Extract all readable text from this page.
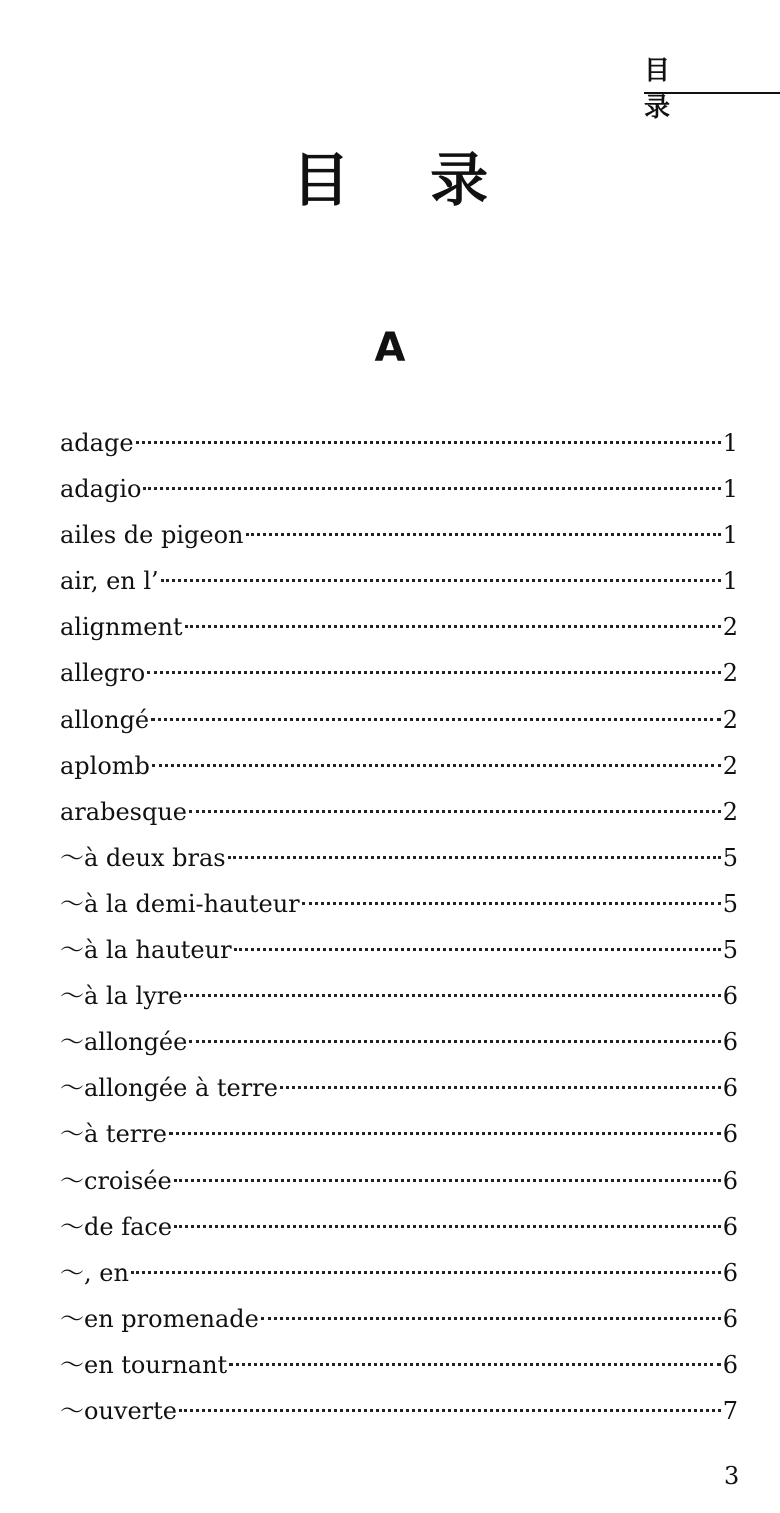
目 录
目 录
A
adage	1
adagio	1
ailes de pigeon	1
air, en l’	1
alignment	2
allegro	2
allongé	2
aplomb	2
arabesque	2
～à deux bras	5
～à la demi-hauteur	5
～à la hauteur	5
～à la lyre	6
～allongée	6
～allongée à terre	6
～à terre	6
～croisée	6
～de face	6
～, en	6
～en promenade	6
～en tournant	6
～ouverte	7
3
